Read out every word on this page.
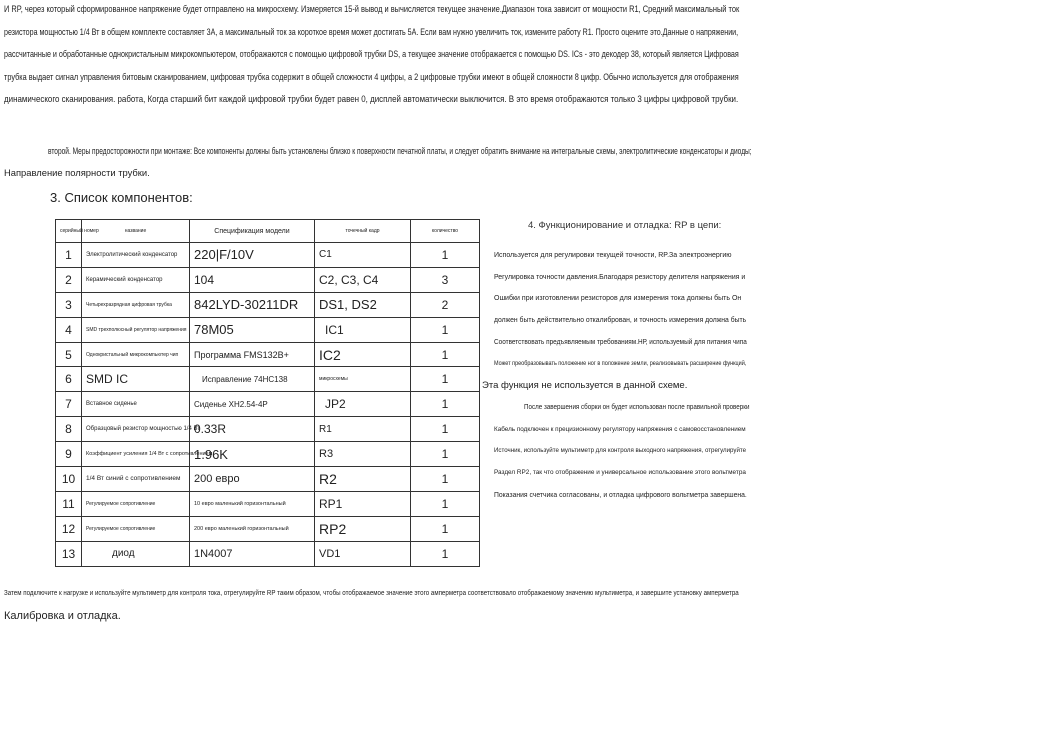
И RP, через который сформированное напряжение будет отправлено на микросхему. Измеряется 15-й вывод и вычисляется текущее значение.Диапазон тока зависит от мощности R1, Средний максимальный ток
резистора мощностью 1/4 Вт в общем комплекте составляет 3A, а максимальный ток за короткое время может достигать 5A. Если вам нужно увеличить ток, измените работу R1. Просто оцените это.Данные о напряжении,
рассчитанные и обработанные однокристальным микрокомпьютером, отображаются с помощью цифровой трубки DS, а текущее значение отображается с помощью DS. ICs - это декодер 38, который является Цифровая
трубка выдает сигнал управления битовым сканированием, цифровая трубка содержит в общей сложности 4 цифры, а 2 цифровые трубки имеют в общей сложности 8 цифр. Обычно используется для отображения
динамического сканирования. работа, Когда старший бит каждой цифровой трубки будет равен 0, дисплей автоматически выключится. В это время отображаются только 3 цифры цифровой трубки.
второй. Меры предосторожности при монтаже: Все компоненты должны быть установлены близко к поверхности печатной платы, и следует обратить внимание на интегральные схемы, электролитические конденсаторы и диоды;
Направление полярности трубки.
3. Список компонентов:
серийный номер	название	Спецификация модели	точечный кадр	количество
1	Электролитический конденсатор	220|F/10V	C1	1
2	Керамический конденсатор	104	C2, C3, C4	3
3	Четырехразрядная цифровая трубка	842LYD-30211DR	DS1, DS2	2
4	SMD трехполюсный регулятор напряжения	78M05	IC1	1
5	Однокристальный микрокомпьютер чип	Программа FMS132B+	IC2	1
6	SMD IC	Исправление 74HC138	микросхемы	1
7	Вставное сиденье	Сиденье XH2.54-4P	JP2	1
8	Образцовый резистор мощностью 1/4 Вт	0.33R	R1	1
9	Коэффициент усиления 1/4 Вт с сопротивлением	1.96K	R3	1
10	1/4 Вт синий с сопротивлением	200 евро	R2	1
11	Регулируемое сопротивление	10 евро маленький горизонтальный	RP1	1
12	Регулируемое сопротивление	200 евро маленький горизонтальный	RP2	1
13	диод	1N4007	VD1	1
4. Функционирование и отладка: RP в цепи:
Используется для регулировки текущей точности, RP.За электроэнергию
Регулировка точности давления.Благодаря резистору делителя напряжения и
Ошибки при изготовлении резисторов для измерения тока должны быть Он
должен быть действительно откалиброван, и точность измерения должна быть
Соответствовать предъявляемым требованиям.НР, используемый для питания чипа
Может преобразовывать положение ног в положение земли, реализовывать расширение функций,
Эта функция не используется в данной схеме.
После завершения сборки он будет использован после правильной проверки
Кабель подключен к прецизионному регулятору напряжения с самовосстановлением
Источник, используйте мультиметр для контроля выходного напряжения, отрегулируйте
Раздел RP2, так что отображение и универсальное использование этого вольтметра
Показания счетчика согласованы, и отладка цифрового вольтметра завершена.
Затем подключите к нагрузке и используйте мультиметр для контроля тока, отрегулируйте RP таким образом, чтобы отображаемое значение этого амперметра соответствовало отображаемому значению мультиметра, и завершите установку амперметра
Калибровка и отладка.
